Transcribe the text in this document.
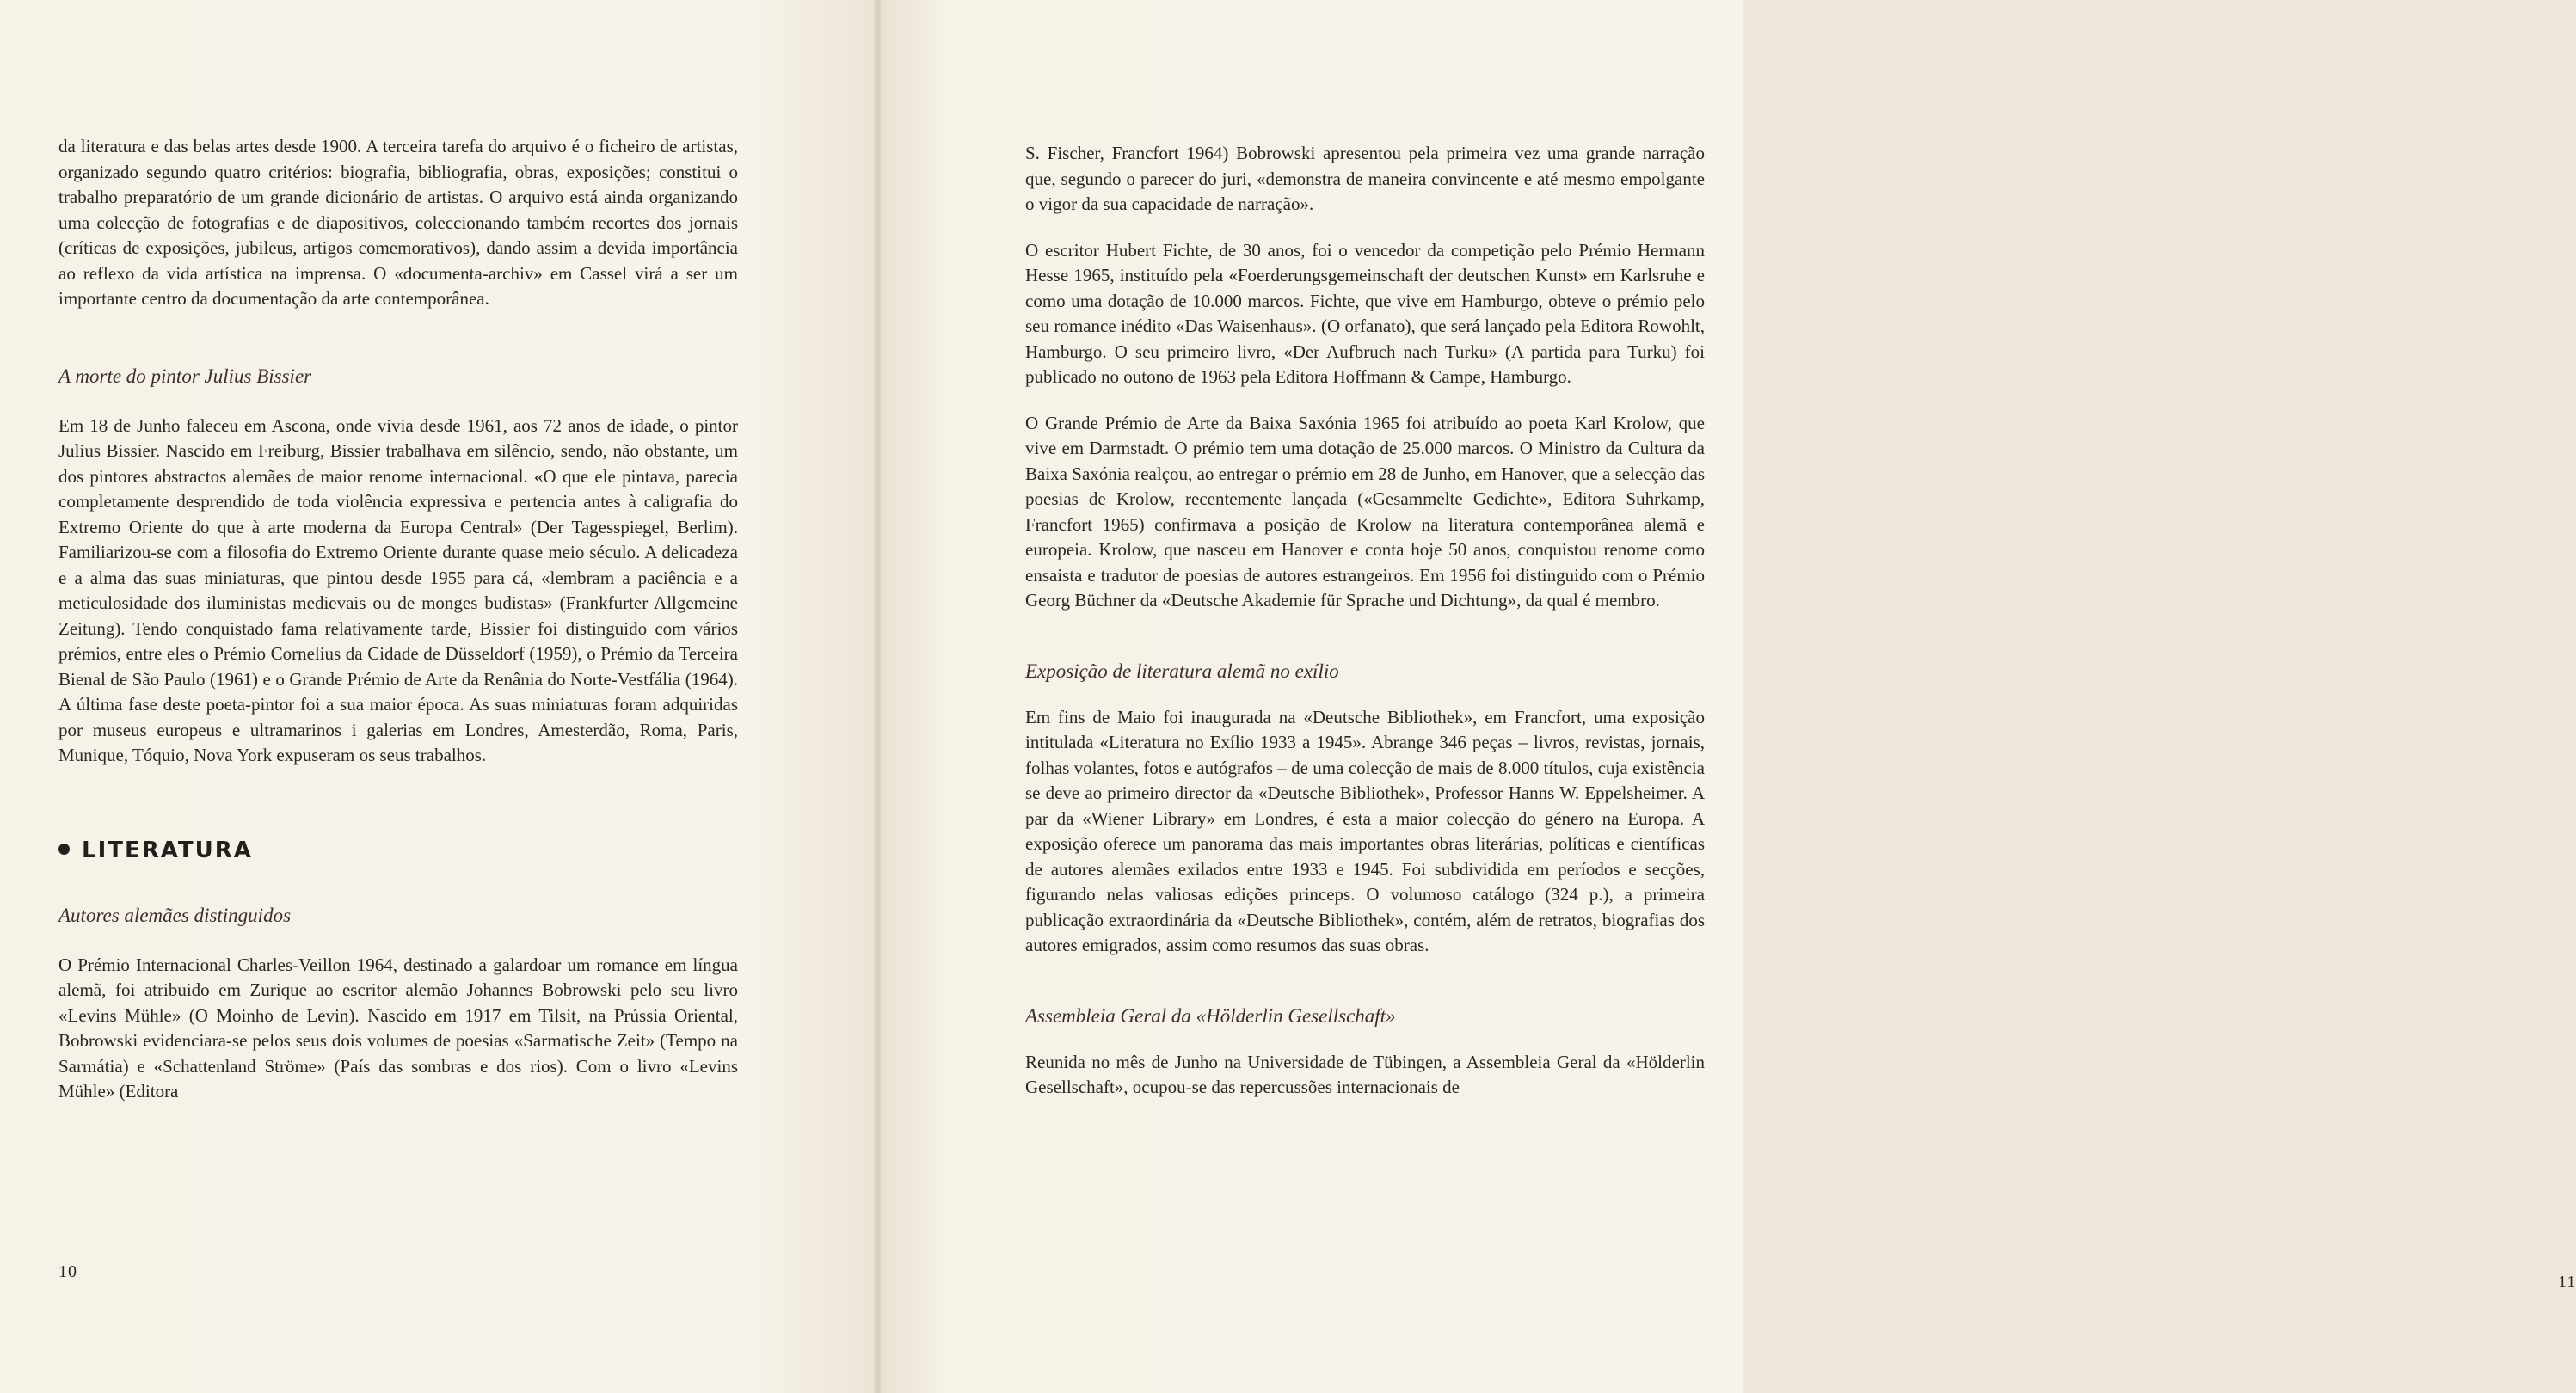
da literatura e das belas artes desde 1900. A terceira tarefa do arquivo é o ficheiro de artistas, organizado segundo quatro critérios: biografia, bibliografia, obras, exposições; constitui o trabalho preparatório de um grande dicionário de artistas. O arquivo está ainda organizando uma colecção de fotografias e de diapositivos, coleccionando também recortes dos jornais (críticas de exposições, jubileus, artigos comemorativos), dando assim a devida importância ao reflexo da vida artística na imprensa. O «documenta-archiv» em Cassel virá a ser um importante centro da documentação da arte contemporânea.

A morte do pintor Julius Bissier

Em 18 de Junho faleceu em Ascona, onde vivia desde 1961, aos 72 anos de idade, o pintor Julius Bissier. Nascido em Freiburg, Bissier trabalhava em silêncio, sendo, não obstante, um dos pintores abstractos alemães de maior renome internacional. «O que ele pintava, parecia completamente desprendido de toda violência expressiva e pertencia antes à caligrafia do Extremo Oriente do que à arte moderna da Europa Central» (Der Tagesspiegel, Berlim). Familiarizou-se com a filosofia do Extremo Oriente durante quase meio século. A delicadeza e a alma das suas miniaturas, que pintou desde 1955 para cá, «lembram a paciência e a meticulosidade dos iluministas medievais ou de monges budistas» (Frankfurter Allgemeine Zeitung). Tendo conquistado fama relativamente tarde, Bissier foi distinguido com vários prémios, entre eles o Prémio Cornelius da Cidade de Düsseldorf (1959), o Prémio da Terceira Bienal de São Paulo (1961) e o Grande Prémio de Arte da Renânia do Norte-Vestfália (1964). A última fase deste poeta-pintor foi a sua maior época. As suas miniaturas foram adquiridas por museus europeus e ultramarinos i galerias em Londres, Amesterdão, Roma, Paris, Munique, Tóquio, Nova York expuseram os seus trabalhos.

LITERATURA
Autores alemães distinguidos

O Prémio Internacional Charles-Veillon 1964, destinado a galardoar um romance em língua alemã, foi atribuido em Zurique ao escritor alemão Johannes Bobrowski pelo seu livro «Levins Mühle» (O Moinho de Levin). Nascido em 1917 em Tilsit, na Prússia Oriental, Bobrowski evidenciara-se pelos seus dois volumes de poesias «Sarmatische Zeit» (Tempo na Sarmátia) e «Schattenland Ströme» (País das sombras e dos rios). Com o livro «Levins Mühle» (Editora

10

S. Fischer, Francfort 1964) Bobrowski apresentou pela primeira vez uma grande narração que, segundo o parecer do juri, «demonstra de maneira convincente e até mesmo empolgante o vigor da sua capacidade de narração».

O escritor Hubert Fichte, de 30 anos, foi o vencedor da competição pelo Prémio Hermann Hesse 1965, instituído pela «Foerderungsgemeinschaft der deutschen Kunst» em Karlsruhe e como uma dotação de 10.000 marcos. Fichte, que vive em Hamburgo, obteve o prémio pelo seu romance inédito «Das Waisenhaus». (O orfanato), que será lançado pela Editora Rowohlt, Hamburgo. O seu primeiro livro, «Der Aufbruch nach Turku» (A partida para Turku) foi publicado no outono de 1963 pela Editora Hoffmann & Campe, Hamburgo.

O Grande Prémio de Arte da Baixa Saxónia 1965 foi atribuído ao poeta Karl Krolow, que vive em Darmstadt. O prémio tem uma dotação de 25.000 marcos. O Ministro da Cultura da Baixa Saxónia realçou, ao entregar o prémio em 28 de Junho, em Hanover, que a selecção das poesias de Krolow, recentemente lançada («Gesammelte Gedichte», Editora Suhrkamp, Francfort 1965) confirmava a posição de Krolow na literatura contemporânea alemã e europeia. Krolow, que nasceu em Hanover e conta hoje 50 anos, conquistou renome como ensaista e tradutor de poesias de autores estrangeiros. Em 1956 foi distinguido com o Prémio Georg Büchner da «Deutsche Akademie für Sprache und Dichtung», da qual é membro.

Exposição de literatura alemã no exílio

Em fins de Maio foi inaugurada na «Deutsche Bibliothek», em Francfort, uma exposição intitulada «Literatura no Exílio 1933 a 1945». Abrange 346 peças – livros, revistas, jornais, folhas volantes, fotos e autógrafos – de uma colecção de mais de 8.000 títulos, cuja existência se deve ao primeiro director da «Deutsche Bibliothek», Professor Hanns W. Eppelsheimer. A par da «Wiener Library» em Londres, é esta a maior colecção do género na Europa. A exposição oferece um panorama das mais importantes obras literárias, políticas e científicas de autores alemães exilados entre 1933 e 1945. Foi subdividida em períodos e secções, figurando nelas valiosas edições princeps. O volumoso catálogo (324 p.), a primeira publicação extraordinária da «Deutsche Bibliothek», contém, além de retratos, biografias dos autores emigrados, assim como resumos das suas obras.

Assembleia Geral da «Hölderlin Gesellschaft»

Reunida no mês de Junho na Universidade de Tübingen, a Assembleia Geral da «Hölderlin Gesellschaft», ocupou-se das repercussões internacionais de

11
